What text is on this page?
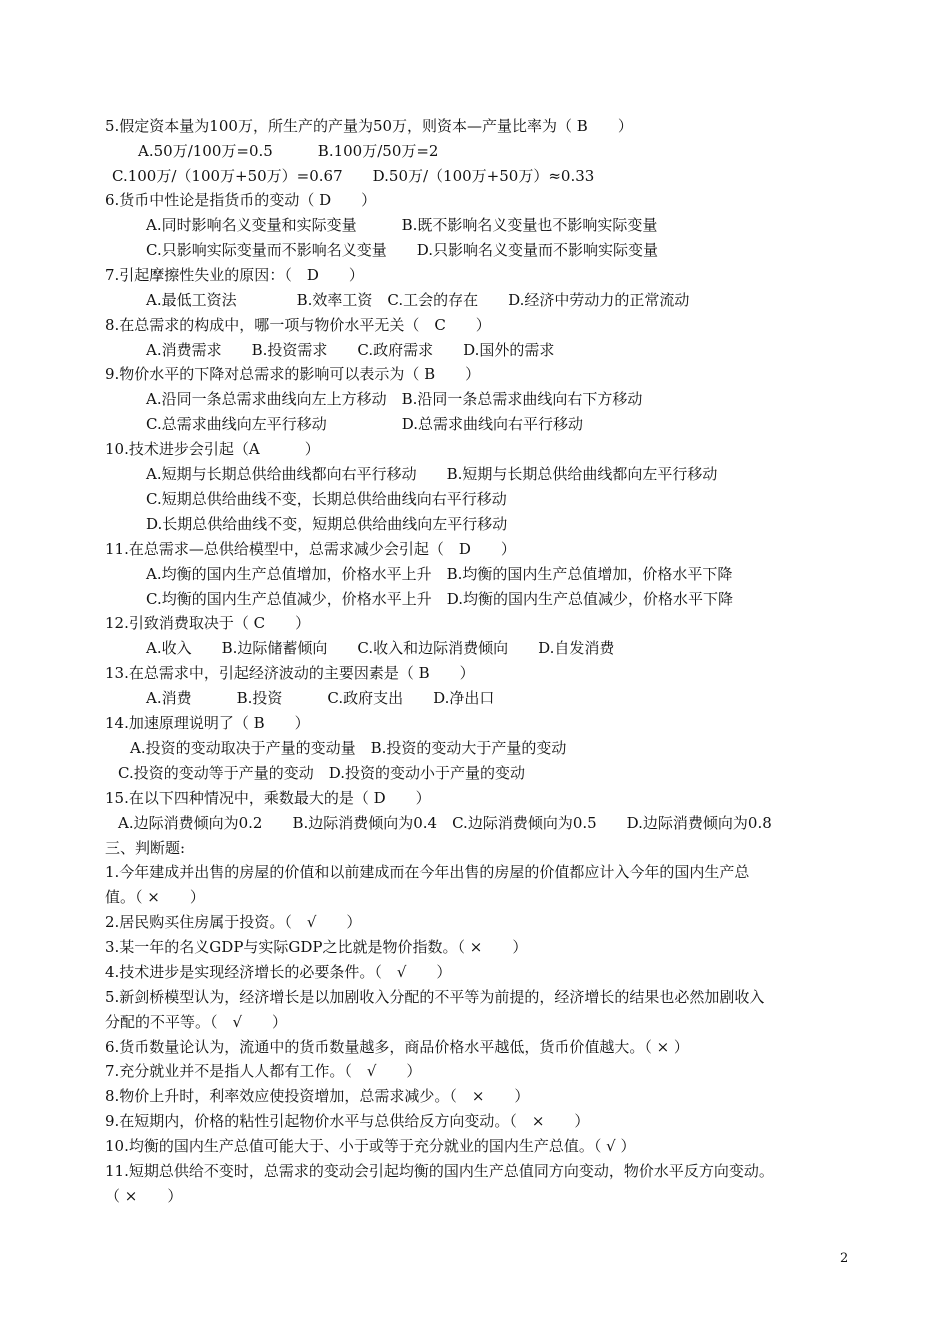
5.假定资本量为100万，所生产的产量为50万，则资本—产量比率为（ B　　）
A.50万/100万=0.5　　　B.100万/50万=2
C.100万/（100万+50万）=0.67　　D.50万/（100万+50万）≈0.33
6.货币中性论是指货币的变动（ D　　）
A.同时影响名义变量和实际变量　　　B.既不影响名义变量也不影响实际变量
C.只影响实际变量而不影响名义变量　　D.只影响名义变量而不影响实际变量
7.引起摩擦性失业的原因：（　D　　）
A.最低工资法　　　　B.效率工资　C.工会的存在　　D.经济中劳动力的正常流动
8.在总需求的构成中，哪一项与物价水平无关（　C　　）
A.消费需求　　B.投资需求　　C.政府需求　　D.国外的需求
9.物价水平的下降对总需求的影响可以表示为（ B　　）
A.沿同一条总需求曲线向左上方移动　B.沿同一条总需求曲线向右下方移动
C.总需求曲线向左平行移动　　　　　D.总需求曲线向右平行移动
10.技术进步会引起（A　　　）
A.短期与长期总供给曲线都向右平行移动　　B.短期与长期总供给曲线都向左平行移动
C.短期总供给曲线不变，长期总供给曲线向右平行移动
D.长期总供给曲线不变，短期总供给曲线向左平行移动
11.在总需求—总供给模型中，总需求减少会引起（　D　　）
A.均衡的国内生产总值增加，价格水平上升　B.均衡的国内生产总值增加，价格水平下降
C.均衡的国内生产总值减少，价格水平上升　D.均衡的国内生产总值减少，价格水平下降
12.引致消费取决于（ C　　）
A.收入　　B.边际储蓄倾向　　C.收入和边际消费倾向　　D.自发消费
13.在总需求中，引起经济波动的主要因素是（ B　　）
A.消费　　　B.投资　　　C.政府支出　　D.净出口
14.加速原理说明了（ B　　）
A.投资的变动取决于产量的变动量　B.投资的变动大于产量的变动
C.投资的变动等于产量的变动　D.投资的变动小于产量的变动
15.在以下四种情况中，乘数最大的是（ D　　）
A.边际消费倾向为0.2　　B.边际消费倾向为0.4　C.边际消费倾向为0.5　　D.边际消费倾向为0.8
三、判断题:
1.今年建成并出售的房屋的价值和以前建成而在今年出售的房屋的价值都应计入今年的国内生产总
值。（ ×　　）
2.居民购买住房属于投资。（　√　　）
3.某一年的名义GDP与实际GDP之比就是物价指数。（ ×　　）
4.技术进步是实现经济增长的必要条件。（　√　　）
5.新剑桥模型认为，经济增长是以加剧收入分配的不平等为前提的，经济增长的结果也必然加剧收入
分配的不平等。（　√　　）
6.货币数量论认为，流通中的货币数量越多，商品价格水平越低，货币价值越大。（ × ）
7.充分就业并不是指人人都有工作。（　√　　）
8.物价上升时，利率效应使投资增加，总需求减少。（　×　　）
9.在短期内，价格的粘性引起物价水平与总供给反方向变动。（　×　　）
10.均衡的国内生产总值可能大于、小于或等于充分就业的国内生产总值。（ √ ）
11.短期总供给不变时，总需求的变动会引起均衡的国内生产总值同方向变动，物价水平反方向变动。
（ ×　　）
2
